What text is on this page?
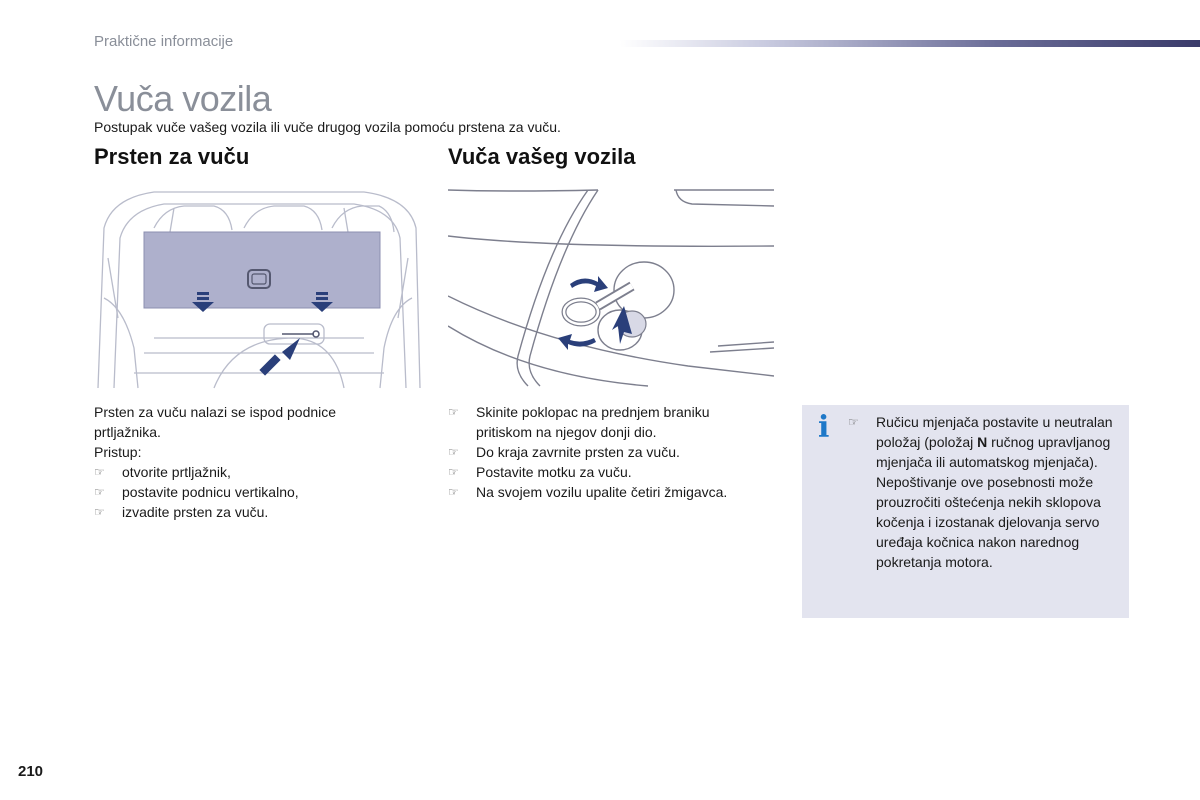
Praktične informacije
Vuča vozila
Postupak vuče vašeg vozila ili vuče drugog vozila pomoću prstena za vuču.
Prsten za vuču	Vuča vašeg vozila

Prsten za vuču nalazi se ispod podnice prtljažnika.

Pristup:

☞ otvorite prtljažnik,
☞ postavite podnicu vertikalno,
☞ izvadite prsten za vuču.
☞ Skinite poklopac na prednjem braniku pritiskom na njegov donji dio.
☞ Do kraja zavrnite prsten za vuču.
☞ Postavite motku za vuču.
☞ Na svojem vozilu upalite četiri žmigavca.
i ☞	Ručicu mjenjača postavite u neutralan položaj (položaj N ručnog upravljanog mjenjača ili automatskog mjenjača). Nepoštivanje ove posebnosti može prouzročiti oštećenja nekih sklopova kočenja i izostanak djelovanja servo uređaja kočnica nakon narednog pokretanja motora.
210
